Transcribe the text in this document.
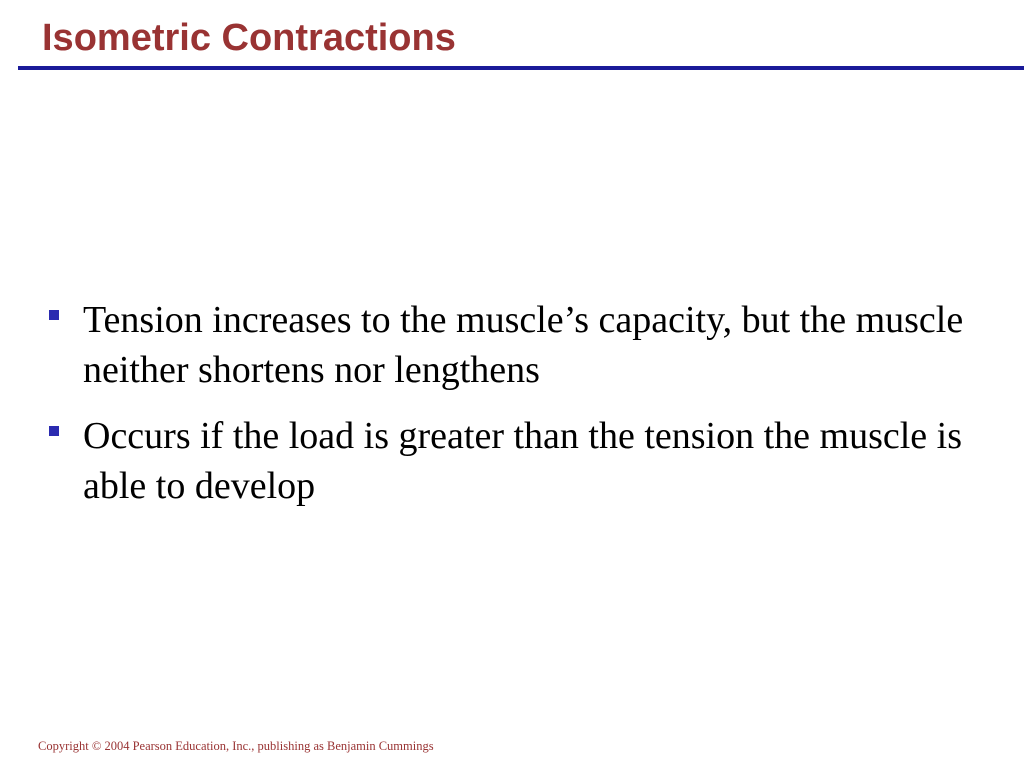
Isometric Contractions
Tension increases to the muscle’s capacity, but the muscle neither shortens nor lengthens
Occurs if the load is greater than the tension the muscle is able to develop

Copyright © 2004 Pearson Education, Inc., publishing as Benjamin Cummings
